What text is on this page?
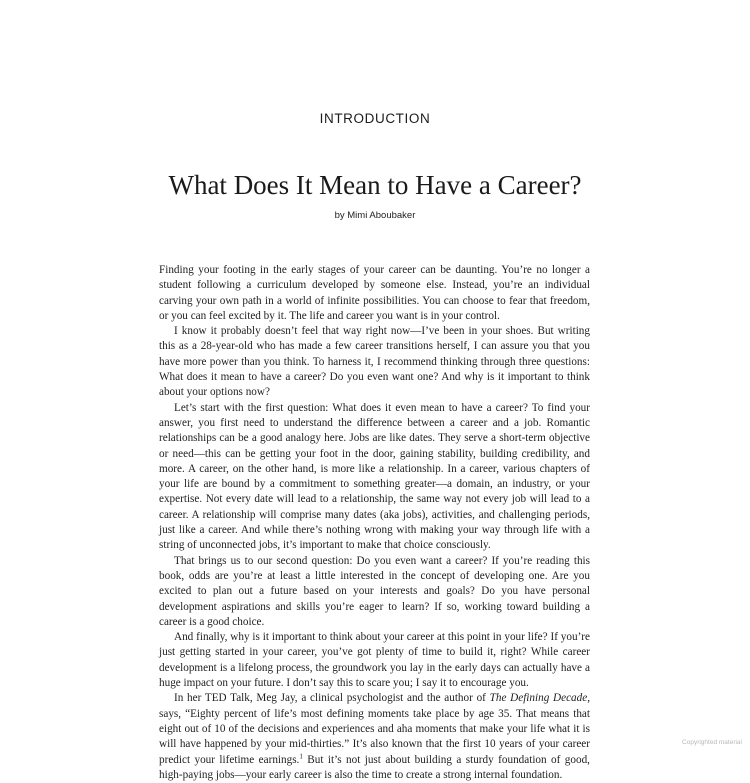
INTRODUCTION
What Does It Mean to Have a Career?
by Mimi Aboubaker

Finding your footing in the early stages of your career can be daunting. You’re no longer a student following a curriculum developed by someone else. Instead, you’re an individual carving your own path in a world of infinite possibilities. You can choose to fear that freedom, or you can feel excited by it. The life and career you want is in your control.

I know it probably doesn’t feel that way right now—I’ve been in your shoes. But writing this as a 28-year-old who has made a few career transitions herself, I can assure you that you have more power than you think. To harness it, I recommend thinking through three questions: What does it mean to have a career? Do you even want one? And why is it important to think about your options now?

Let’s start with the first question: What does it even mean to have a career? To find your answer, you first need to understand the difference between a career and a job. Romantic relationships can be a good analogy here. Jobs are like dates. They serve a short-term objective or need—this can be getting your foot in the door, gaining stability, building credibility, and more. A career, on the other hand, is more like a relationship. In a career, various chapters of your life are bound by a commitment to something greater—a domain, an industry, or your expertise. Not every date will lead to a relationship, the same way not every job will lead to a career. A relationship will comprise many dates (aka jobs), activities, and challenging periods, just like a career. And while there’s nothing wrong with making your way through life with a string of unconnected jobs, it’s important to make that choice consciously.

That brings us to our second question: Do you even want a career? If you’re reading this book, odds are you’re at least a little interested in the concept of developing one. Are you excited to plan out a future based on your interests and goals? Do you have personal development aspirations and skills you’re eager to learn? If so, working toward building a career is a good choice.

And finally, why is it important to think about your career at this point in your life? If you’re just getting started in your career, you’ve got plenty of time to build it, right? While career development is a lifelong process, the groundwork you lay in the early days can actually have a huge impact on your future. I don’t say this to scare you; I say it to encourage you.

In her TED Talk, Meg Jay, a clinical psychologist and the author of The Defining Decade, says, “Eighty percent of life’s most defining moments take place by age 35. That means that eight out of 10 of the decisions and experiences and aha moments that make your life what it is will have happened by your mid-thirties.” It’s also known that the first 10 years of your career predict your lifetime earnings.$^1$ But it’s not just about building a sturdy foundation of good, high-paying jobs—your early career is also the time to create a strong internal foundation.

Copyrighted material
